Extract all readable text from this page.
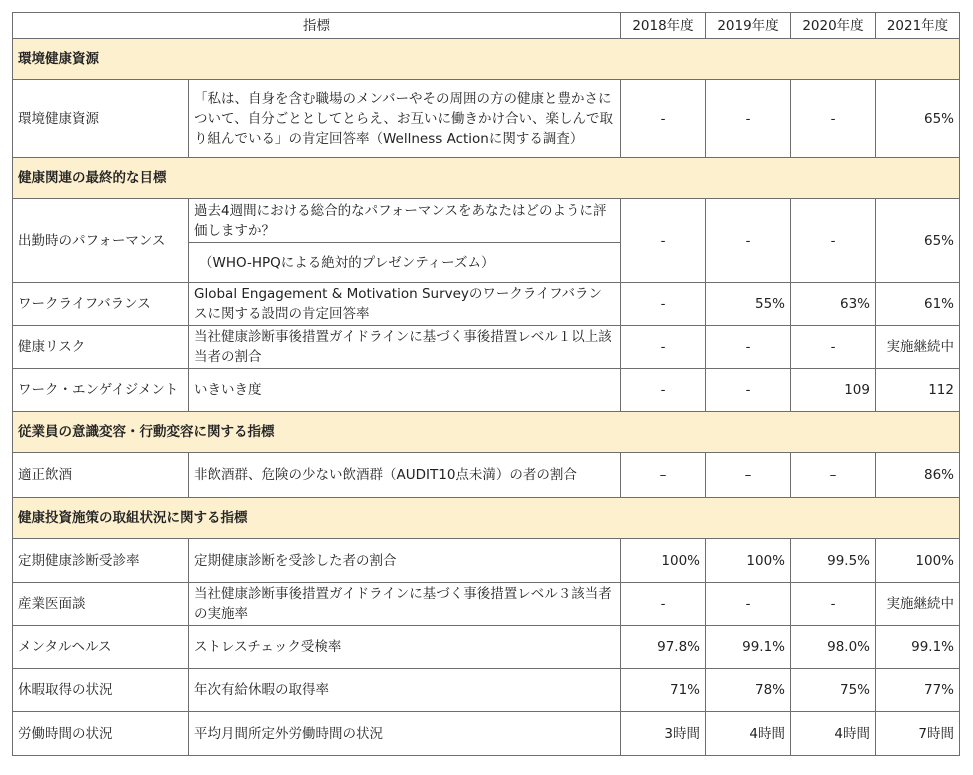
指標		2018年度	2019年度	2020年度	2021年度
環境健康資源					
環境健康資源	「私は、自身を含む職場のメンバーやその周囲の方の健康と豊かさについて、自分ごととしてとらえ、お互いに働きかけ合い、楽しんで取り組んでいる」の肯定回答率（Wellness Actionに関する調査）	-	-	-	65%
健康関連の最終的な目標					
出勤時のパフォーマンス	過去4週間における総合的なパフォーマンスをあなたはどのように評価しますか？	-	-	-	65%
	（WHO-HPQによる絶対的プレゼンティーズム）				
ワークライフバランス	Global Engagement & Motivation Surveyのワークライフバランスに関する設問の肯定回答率	-	55%	63%	61%
健康リスク	当社健康診断事後措置ガイドラインに基づく事後措置レベル１以上該当者の割合	-	-	-	実施継続中
ワーク・エンゲイジメント	いきいき度	-	-	109	112
従業員の意識変容・行動変容に関する指標					
適正飲酒	非飲酒群、危険の少ない飲酒群（AUDIT10点未満）の者の割合	–	–	–	86%
健康投資施策の取組状況に関する指標					
定期健康診断受診率	定期健康診断を受診した者の割合	100%	100%	99.5%	100%
産業医面談	当社健康診断事後措置ガイドラインに基づく事後措置レベル３該当者の実施率	-	-	-	実施継続中
メンタルヘルス	ストレスチェック受検率	97.8%	99.1%	98.0%	99.1%
休暇取得の状況	年次有給休暇の取得率	71%	78%	75%	77%
労働時間の状況	平均月間所定外労働時間の状況	3時間	4時間	4時間	7時間
